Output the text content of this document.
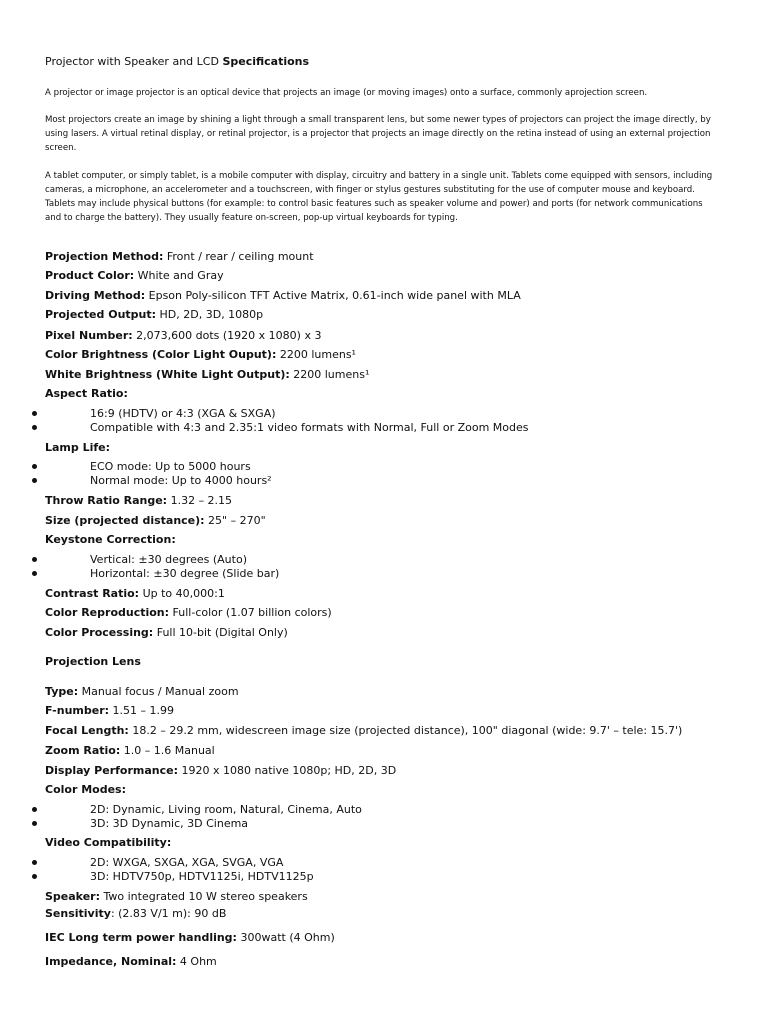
Projector with Speaker and LCD Specifications

A projector or image projector is an optical device that projects an image (or moving images) onto a surface, commonly aprojection screen.

Most projectors create an image by shining a light through a small transparent lens, but some newer types of projectors can project the image directly, by using lasers. A virtual retinal display, or retinal projector, is a projector that projects an image directly on the retina instead of using an external projection screen.

A tablet computer, or simply tablet, is a mobile computer with display, circuitry and battery in a single unit. Tablets come equipped with sensors, including cameras, a microphone, an accelerometer and a touchscreen, with finger or stylus gestures substituting for the use of computer mouse and keyboard. Tablets may include physical buttons (for example: to control basic features such as speaker volume and power) and ports (for network communications and to charge the battery). They usually feature on-screen, pop-up virtual keyboards for typing.

Projection Method: Front / rear / ceiling mount
Product Color: White and Gray
Driving Method: Epson Poly-silicon TFT Active Matrix, 0.61-inch wide panel with MLA
Projected Output: HD, 2D, 3D, 1080p
Pixel Number: 2,073,600 dots (1920 x 1080) x 3
Color Brightness (Color Light Ouput): 2200 lumens¹
White Brightness (White Light Output): 2200 lumens¹
Aspect Ratio:
16:9 (HDTV) or 4:3 (XGA & SXGA)
Compatible with 4:3 and 2.35:1 video formats with Normal, Full or Zoom Modes
Lamp Life:
ECO mode: Up to 5000 hours
Normal mode: Up to 4000 hours²
Throw Ratio Range: 1.32 – 2.15
Size (projected distance): 25" – 270"
Keystone Correction:
Vertical: ±30 degrees (Auto)
Horizontal: ±30 degree (Slide bar)
Contrast Ratio: Up to 40,000:1
Color Reproduction: Full-color (1.07 billion colors)
Color Processing: Full 10-bit (Digital Only)
Projection Lens
Type: Manual focus / Manual zoom
F-number: 1.51 – 1.99
Focal Length: 18.2 – 29.2 mm, widescreen image size (projected distance), 100" diagonal (wide: 9.7' – tele: 15.7')
Zoom Ratio: 1.0 – 1.6 Manual
Display Performance: 1920 x 1080 native 1080p; HD, 2D, 3D
Color Modes:
2D: Dynamic, Living room, Natural, Cinema, Auto
3D: 3D Dynamic, 3D Cinema
Video Compatibility:
2D: WXGA, SXGA, XGA, SVGA, VGA
3D: HDTV750p, HDTV1125i, HDTV1125p
Speaker: Two integrated 10 W stereo speakers
Sensitivity: (2.83 V/1 m): 90 dB
IEC Long term power handling: 300watt (4 Ohm)
Impedance, Nominal: 4 Ohm
